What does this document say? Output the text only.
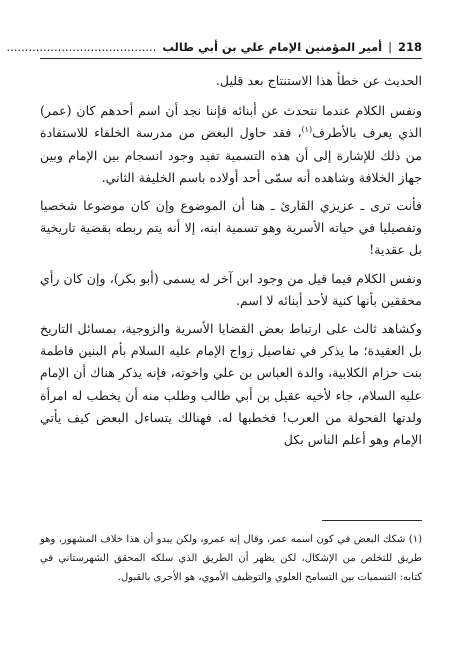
218
|
أمير المؤمنين الإمام علي بن أبي طالب
.........................................

الحديث عن خطأ هذا الاستنتاج بعد قليل.

ونفس الكلام عندما نتحدث عن أبنائه فإننا نجد أن اسم أحدهم كان (عمر) الذي يعرف بالأطرف$^{(١)}$، فقد حاول البعض من مدرسة الخلفاء للاستفادة من ذلك للإشارة إلى أن هذه التسمية تفيد وجود انسجام بين الإمام وبين جهاز الخلافة وشاهده أنه سمّى أحد أولاده باسم الخليفة الثاني.

فأنت ترى ـ عزيزي القارئ ـ هنا أن الموضوع وإن كان موضوعا شخصيا وتفصيليا في حياته الأسرية وهو تسمية ابنه، إلا أنه يتم ربطه بقضية تاريخية بل عقدية!

ونفس الكلام فيما قيل من وجود ابن آخر له يسمى (أبو بكر)، وإن كان رأي محققين بأنها كنية لأحد أبنائه لا اسم.

وكشاهد ثالث على ارتباط بعض القضايا الأسرية والزوجية، بمسائل التاريخ بل العقيدة؛ ما يذكر في تفاصيل زواج الإمام عليه السلام بأم البنين فاطمة بنت حزام الكلابية، والدة العباس بن علي واخوته، فإنه يذكر هناك أن الإمام عليه السلام، جاء لأخيه عقيل بن أبي طالب وطلب منه أن يخطب له امرأة ولدتها الفحولة من العرب! فخطبها له. فهنالك يتساءل البعض كيف يأتي الإمام وهو أعلم الناس بكل

(١) شكك البعض في كون اسمه عمر، وقال إنه عمرو، ولكن يبدو أن هذا خلاف المشهور، وهو طريق للتخلص من الإشكال، لكن يظهر أن الطريق الذي سلكه المحقق الشهرستاني في كتابه: التسميات بين التسامح العلوي والتوظيف الأموي، هو الأحرى بالقبول.
